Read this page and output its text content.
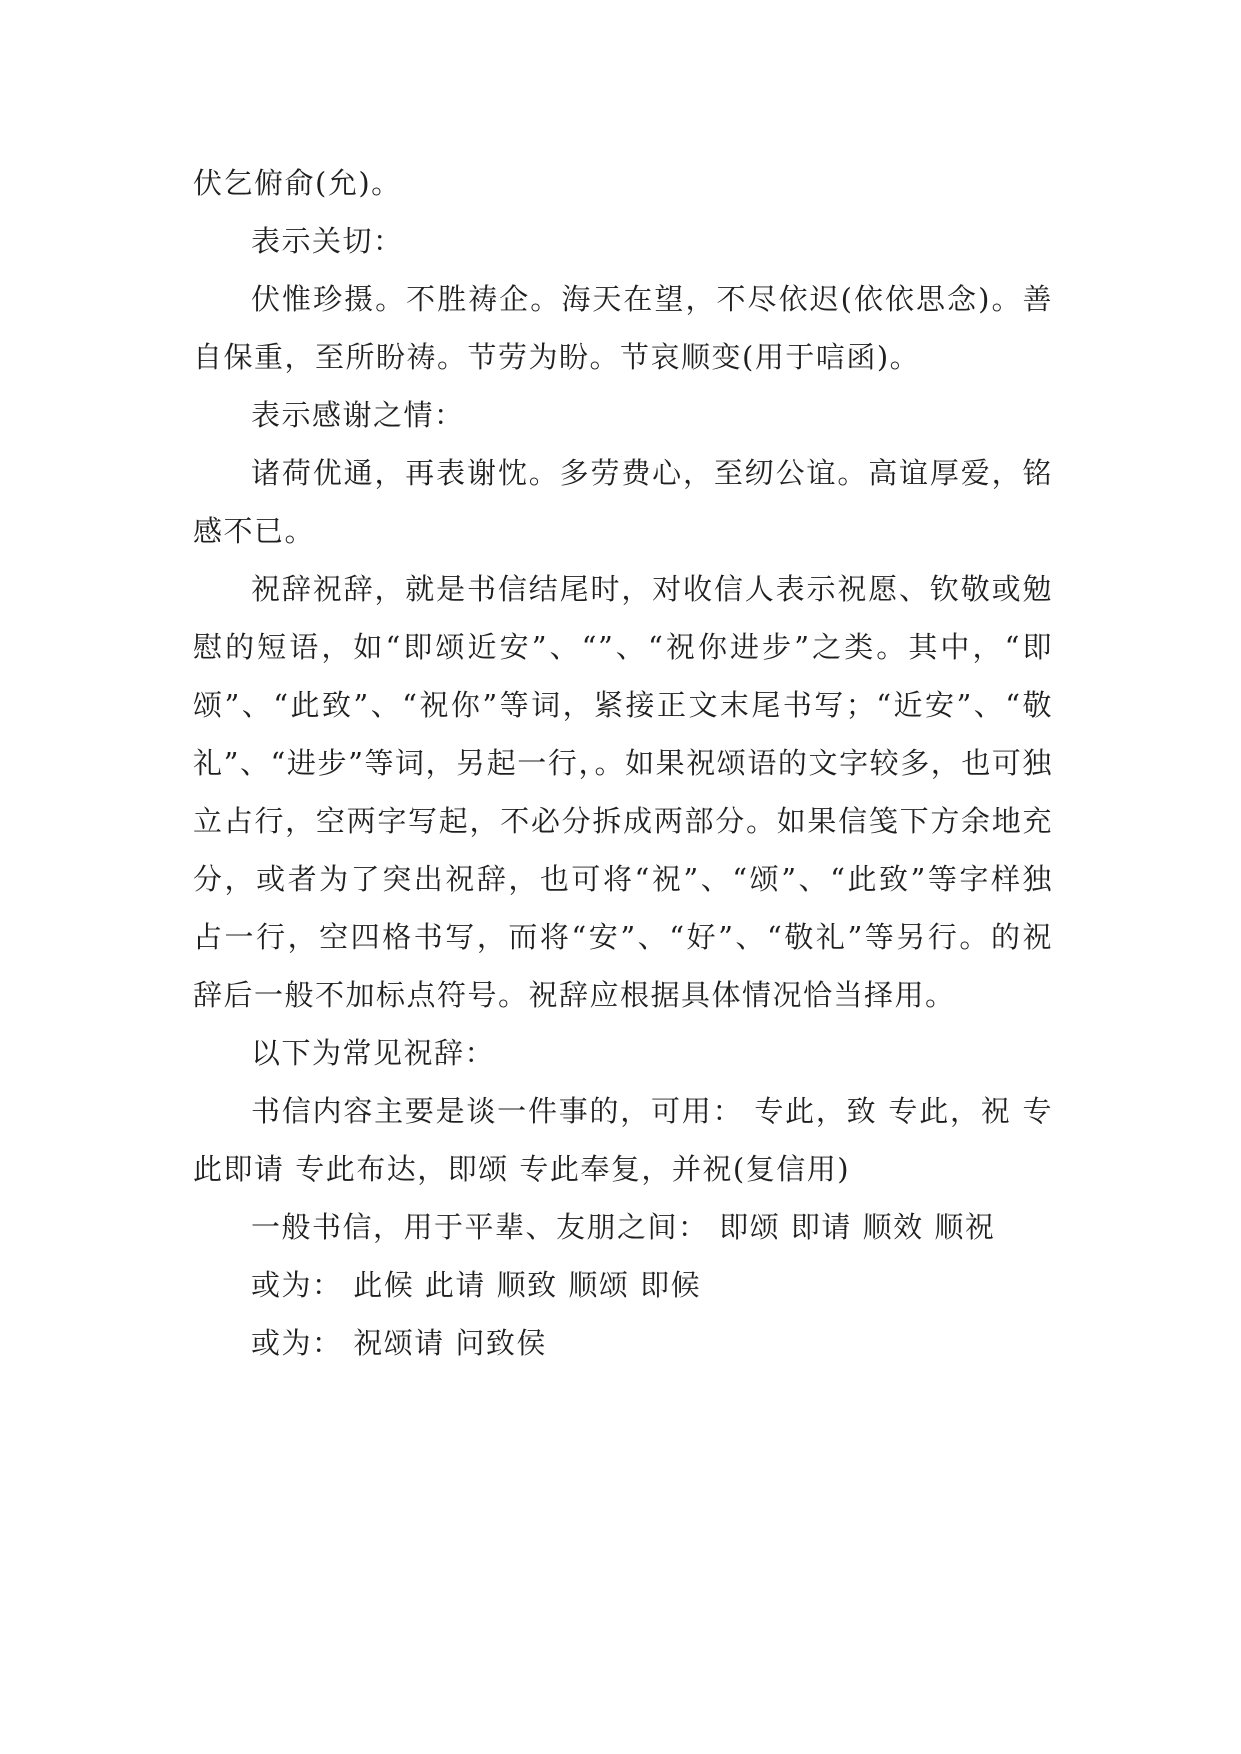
伏乞俯俞(允)。

表示关切：

伏惟珍摄。不胜祷企。海天在望，不尽依迟(依依思念)。善自保重，至所盼祷。节劳为盼。节哀顺变(用于唁函)。

表示感谢之情：

诸荷优通，再表谢忱。多劳费心，至纫公谊。高谊厚爱，铭感不已。

祝辞祝辞，就是书信结尾时，对收信人表示祝愿、钦敬或勉慰的短语，如“即颂近安”、“”、“祝你进步”之类。其中，“即颂”、“此致”、“祝你”等词，紧接正文末尾书写；“近安”、“敬礼”、“进步”等词，另起一行，。如果祝颂语的文字较多，也可独立占行，空两字写起，不必分拆成两部分。如果信笺下方余地充分，或者为了突出祝辞，也可将“祝”、“颂”、“此致”等字样独占一行，空四格书写，而将“安”、“好”、“敬礼”等另行。的祝辞后一般不加标点符号。祝辞应根据具体情况恰当择用。

以下为常见祝辞：

书信内容主要是谈一件事的，可用： 专此，致 专此，祝 专此即请 专此布达，即颂 专此奉复，并祝(复信用)

一般书信，用于平辈、友朋之间： 即颂 即请 顺效 顺祝

或为： 此候 此请 顺致 顺颂 即候

或为： 祝颂请 问致侯
